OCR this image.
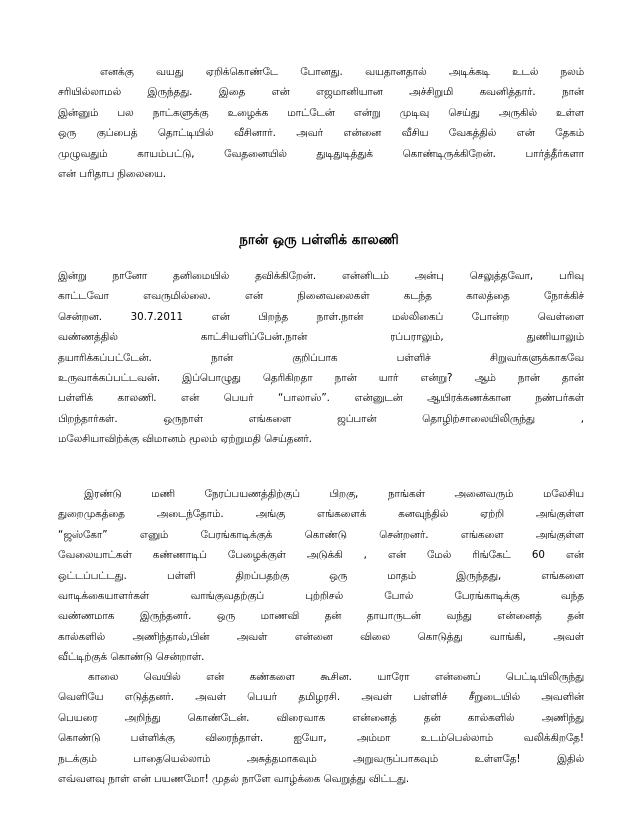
எனக்கு வயது ஏறிக்கொண்டே போனது. வயதானதால் அடிக்கடி உடல் நலம்
சரியில்லாமல் இருந்தது. இதை என் எஜமானியான அச்சிறுமி கவனித்தார். நான்
இன்னும் பல நாட்களுக்கு உழைக்க மாட்டேன் என்று முடிவு செய்து அருகில் உள்ள
ஒரு குப்பைத் தொட்டியில் வீசினார். அவர் என்னை வீசிய வேகத்தில் என் தேகம்
முழுவதும் காயம்பட்டு, வேதனையில் துடிதுடித்துக் கொண்டிருக்கிறேன். பார்த்தீர்களா
என் பரிதாப நிலையை.
நான் ஒரு பள்ளிக் காலணி
இன்று நானோ தனிமையில் தவிக்கிறேன். என்னிடம் அன்பு செலுத்தவோ, பரிவு
காட்டவோ எவருமில்லை. என் நினைவலைகள் கடந்த காலத்தை நோக்கிச்
சென்றன. 30.7.2011 என் பிறந்த நாள்.நான் மல்லிகைப் போன்ற வெள்ளை
வண்ணத்தில் காட்சியளிப்பேன்.நான் ரப்பராலும், துணியாலும்
தயாரிக்கப்பட்டேன். நான் குறிப்பாக பள்ளிச் சிறுவர்களுக்காகவே
உருவாக்கப்பட்டவன். இப்பொழுது தெரிகிறதா நான் யார் என்று? ஆம் நான் தான்
பள்ளிக் காலணி. என் பெயர் “பாலாஸ்”. என்னுடன் ஆயிரக்கணக்கான நண்பர்கள்
பிறந்தார்கள். ஒருநாள் எங்களை ஜப்பான் தொழிற்சாலையிலிருந்து ,
மலேசியாவிற்க்கு விமானம் மூலம் ஏற்றுமதி செய்தனர்.
இரண்டு மணி நேரப்பயணத்திற்குப் பிறகு, நாங்கள் அனைவரும் மலேசிய
துறைமுகத்தை அடைந்தோம். அங்கு எங்களைக் கனவுந்தில் ஏற்றி அங்குள்ள
“ஜஸ்கோ” எனும் பேரங்காடிக்குக் கொண்டு சென்றனர். எங்களை அங்குள்ள
வேலையாட்கள் கண்ணாடிப் பேழைக்குள் அடுக்கி , என் மேல் ரிங்கேட் 60 என்
ஒட்டப்பட்டது. பள்ளி திறப்பதற்கு ஒரு மாதம் இருந்தது, எங்களை
வாடிக்கையாளர்கள் வாங்குவதற்குப் புற்றிசல் போல் பேரங்காடிக்கு வந்த
வண்ணமாக இருந்தனர். ஒரு மாணவி தன் தாயாருடன் வந்து என்னைத் தன்
கால்களில் அணிந்தால்,பின் அவள் என்னை விலை கொடுத்து வாங்கி, அவள்
வீட்டிற்குக் கொண்டு சென்றாள்.
காலை வெயில் என் கண்களை கூசின. யாரோ என்னைப் பெட்டியிலிருந்து
வெளியே எடுத்தனர். அவள் பெயர் தமிழரசி. அவள் பள்ளிச் சீறுடையில் அவளின்
பெயரை அறிந்து கொண்டேன். விரைவாக என்னைத் தன் கால்களில் அணிந்து
கொண்டு பள்ளிக்கு விரைந்தாள். ஐயோ, அம்மா உடம்பெல்லாம் வலிக்கிறதே!
நடக்கும் பாதையெல்லாம் அசுத்தமாகவும் அறுவருப்பாகவும் உள்ளதே! இதில்
எவ்வளவு நாள் என் பயணமோ! முதல் நாளே வாழ்க்கை வெறுத்து விட்டது.
